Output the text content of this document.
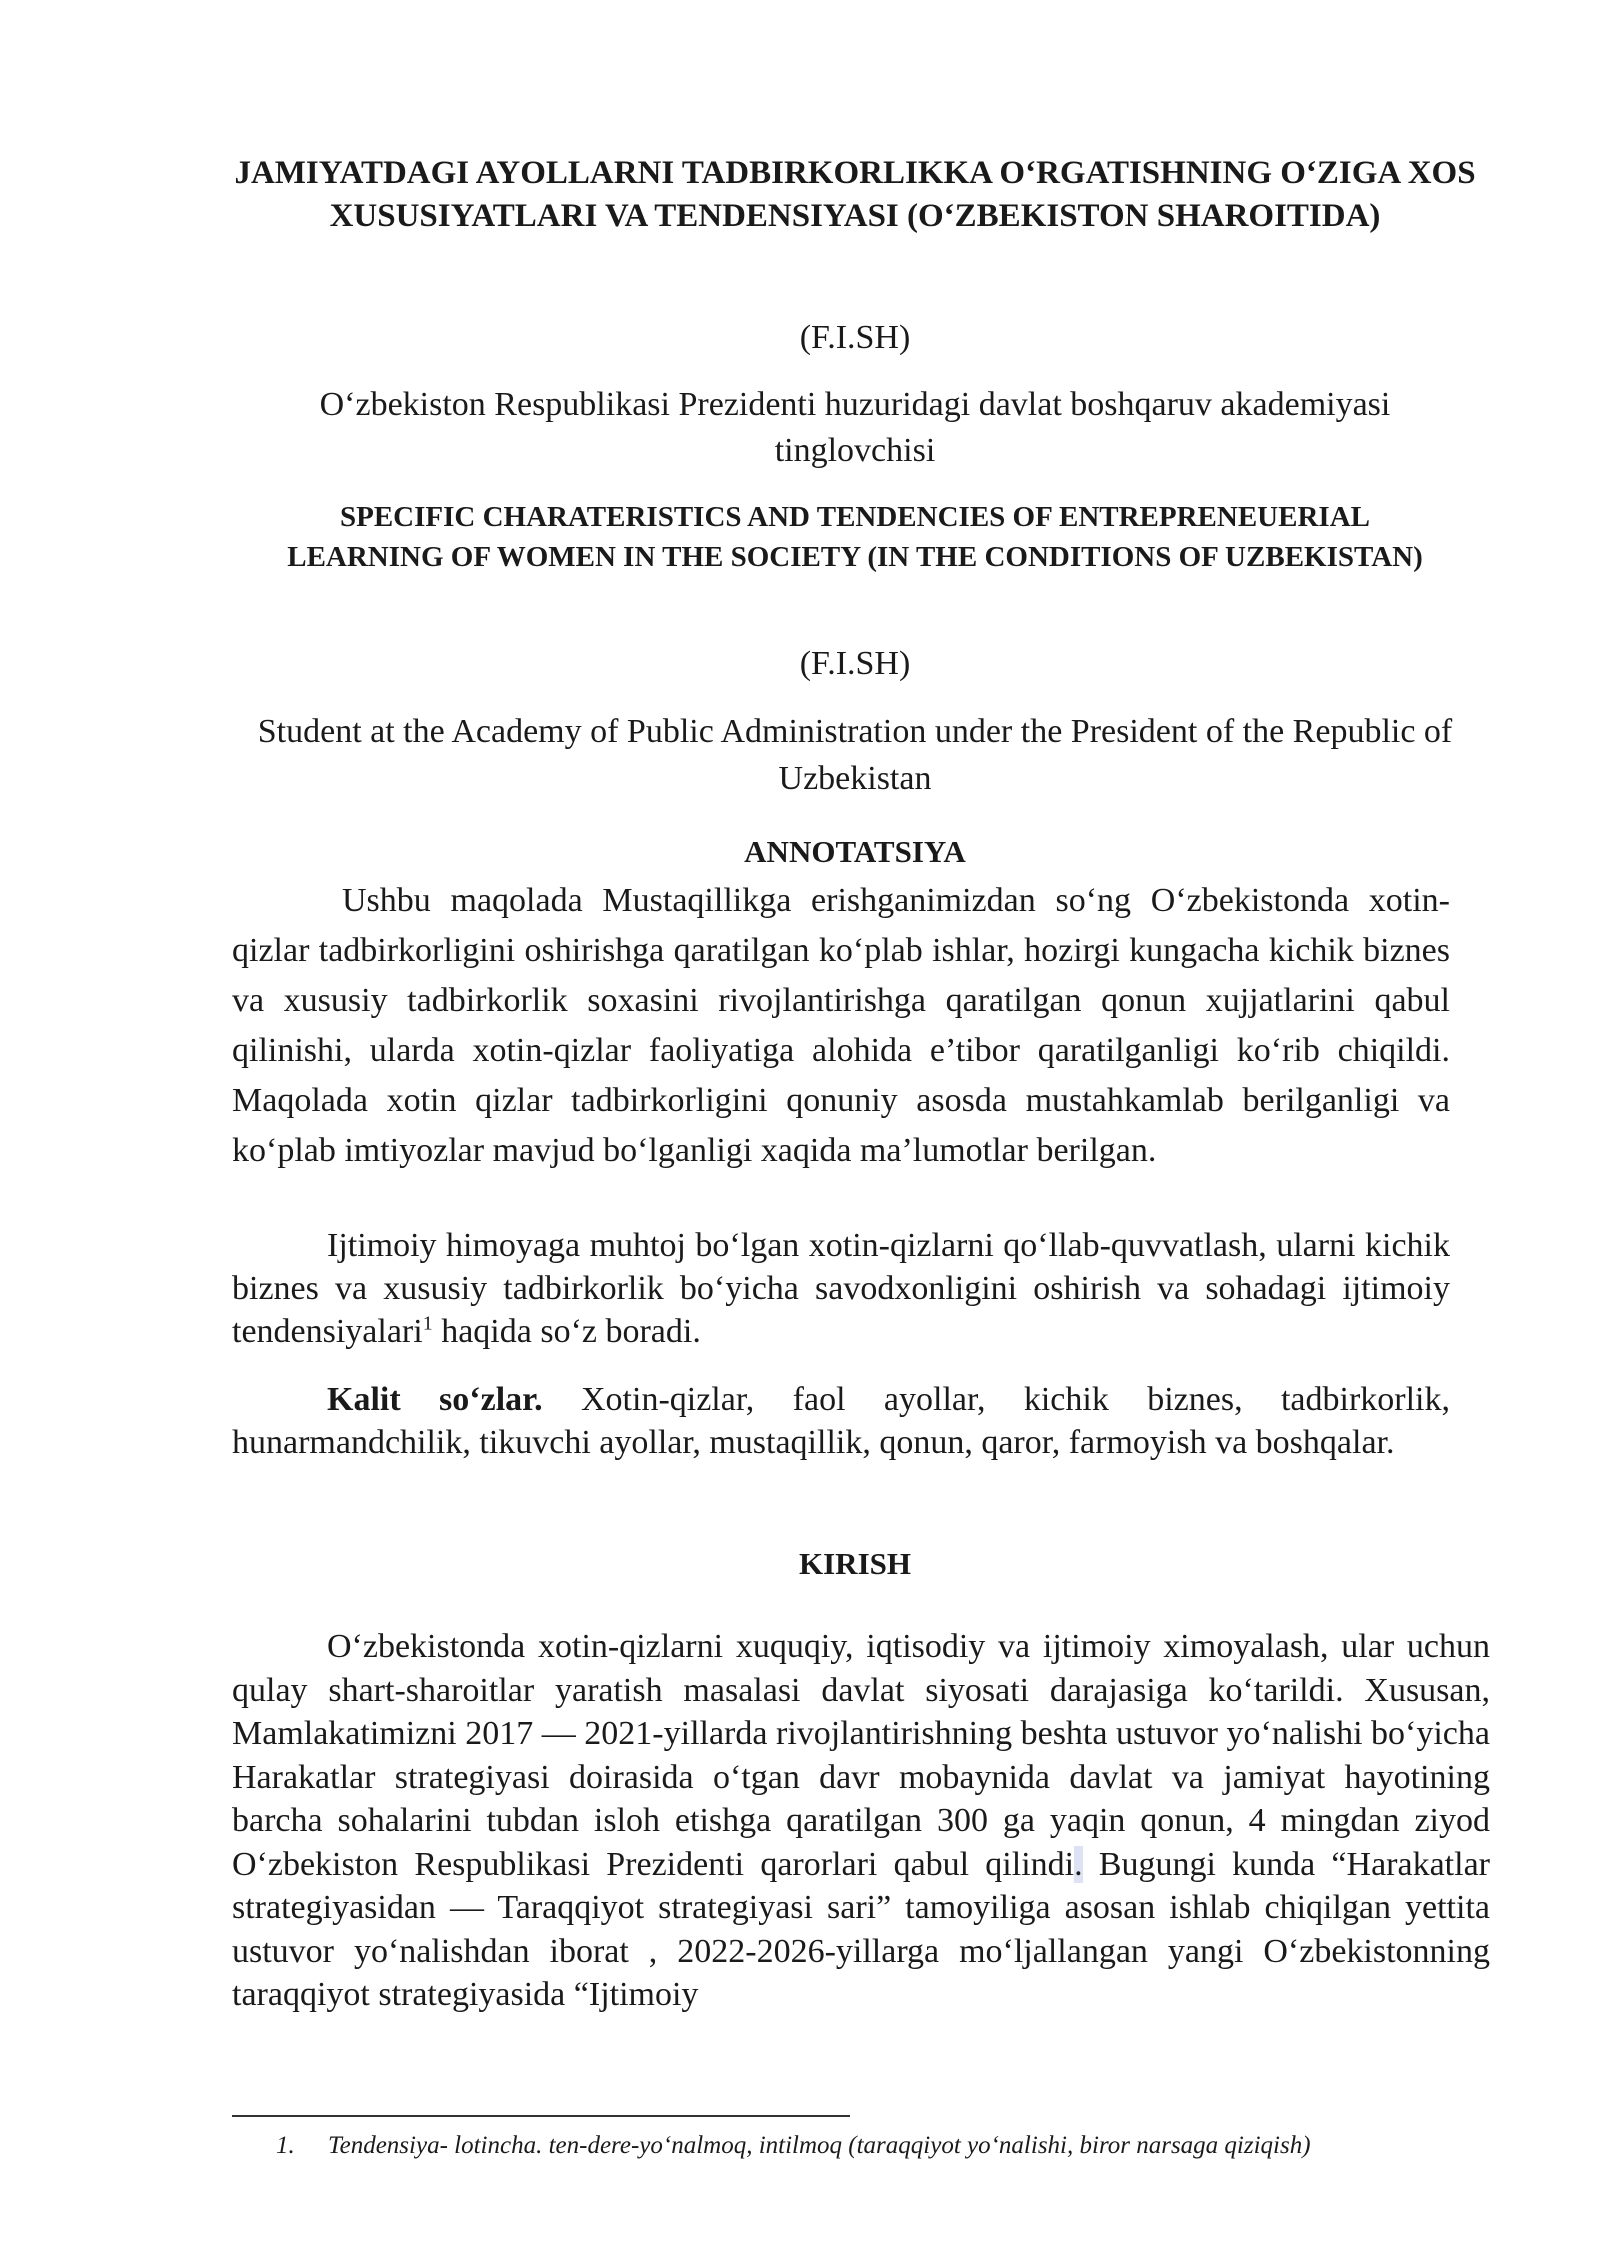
JAMIYATDAGI AYOLLARNI TADBIRKORLIKKA O‘RGATISHNING O‘ZIGA XOS XUSUSIYATLARI VA TENDENSIYASI (O‘ZBEKISTON SHAROITIDA)

(F.I.SH)

O‘zbekiston Respublikasi Prezidenti huzuridagi davlat boshqaruv akademiyasi tinglovchisi

SPECIFIC CHARATERISTICS AND TENDENCIES OF ENTREPRENEUERIAL LEARNING OF WOMEN IN THE SOCIETY (IN THE CONDITIONS OF UZBEKISTAN)

(F.I.SH)

Student at the Academy of Public Administration under the President of the Republic of Uzbekistan

ANNOTATSIYA

Ushbu maqolada Mustaqillikga erishganimizdan so‘ng O‘zbekistonda xotin-qizlar tadbirkorligini oshirishga qaratilgan ko‘plab ishlar, hozirgi kungacha kichik biznes va xususiy tadbirkorlik soxasini rivojlantirishga qaratilgan qonun xujjatlarini qabul qilinishi, ularda xotin-qizlar faoliyatiga alohida e’tibor qaratilganligi ko‘rib chiqildi. Maqolada xotin qizlar tadbirkorligini qonuniy asosda mustahkamlab berilganligi va ko‘plab imtiyozlar mavjud bo‘lganligi xaqida ma’lumotlar berilgan.

Ijtimoiy himoyaga muhtoj bo‘lgan xotin-qizlarni qo‘llab-quvvatlash, ularni kichik biznes va xususiy tadbirkorlik bo‘yicha savodxonligini oshirish va sohadagi ijtimoiy tendensiyalari$^1$ haqida so‘z boradi.

Kalit so‘zlar. Xotin-qizlar, faol ayollar, kichik biznes, tadbirkorlik, hunarmandchilik, tikuvchi ayollar, mustaqillik, qonun, qaror, farmoyish va boshqalar.

KIRISH

O‘zbekistonda xotin-qizlarni xuquqiy, iqtisodiy va ijtimoiy ximoyalash, ular uchun qulay shart-sharoitlar yaratish masalasi davlat siyosati darajasiga ko‘tarildi. Xususan, Mamlakatimizni 2017 — 2021-yillarda rivojlantirishning beshta ustuvor yo‘nalishi bo‘yicha Harakatlar strategiyasi doirasida o‘tgan davr mobaynida davlat va jamiyat hayotining barcha sohalarini tubdan isloh etishga qaratilgan 300 ga yaqin qonun, 4 mingdan ziyod O‘zbekiston Respublikasi Prezidenti qarorlari qabul qilindi. Bugungi kunda “Harakatlar strategiyasidan — Taraqqiyot strategiyasi sari” tamoyiliga asosan ishlab chiqilgan yettita ustuvor yo‘nalishdan iborat , 2022-2026-yillarga mo‘ljallangan yangi O‘zbekistonning taraqqiyot strategiyasida “Ijtimoiy

1.	Tendensiya- lotincha. ten-dere-yo‘nalmoq, intilmoq (taraqqiyot yo‘nalishi, biror narsaga qiziqish)
